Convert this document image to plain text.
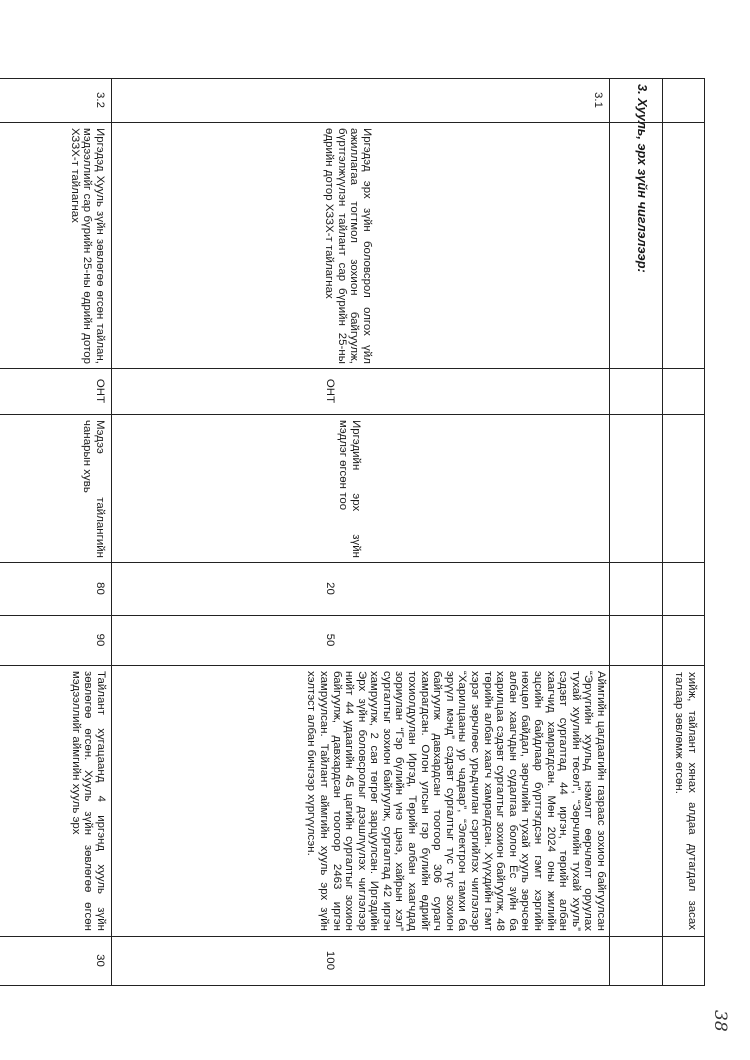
хийж, тайлант хянах алдаа дутагдал засах талаар зөвлөмж өгсөн.
3. Хууль, эрх зүйн чиглэлээр:
3.1
Иргэдэд эрх зүйн боловсрол олгох үйл ажиллагаа тогтмол зохион байгуулж, бүртгэлжүүлэн тайлант сар бүрийн 25-ны өдрийн дотор ХЗЗХ-т тайлагнах
ОНТ
Иргэдийн эрх зүйн мэдлэг өгсөн тоо
20
50
Аймгийн цагдаагийн газраас зохион байгуулсан “Эрүүгийн хуульд нэмэлт өөрчлөлт оруулах тухай хуулийн төсөл”, “Зөрчлийн тухай хууль” сэдэвт сургалтад 44 иргэн, төрийн албан хаагчид хамрагдсан. Мөн 2024 оны жилийн эцсийн байдлаар бүртгэгдсэн гэмт хэргийн нөхцөл байдал, зөрчлийн тухай хууль зөрчсөн албан хаагчдын судалгаа болон Ёс зүйн ба харилцаа сэдэвт сургалтыг зохион байгуулж, 48 төрийн албан хаагч хамрагдсан. Хүүхдийн гэмт хэрэг зөрчлөөс урьдчилан сэргийлэх чиглэлээр “Харилцааны ур чадвар”, “Электрон тамхи ба эрүүл мэнд” сэдэвт сургалтыг түс түс зохион байгуулж давхардсан тоогоор 306 сурагч хамрагдсан. Олон улсын гэр бүлийн өдрийг тохиолдуулан Иргэд, Төрийн албан хаагчдад зориулан “Гэр бүлийн үнэ цэнэ, хайрын хэл” сургалтыг зохион байгуулж, сургалтад 42 иргэн хамруулж, 2 сая төгрөг зарцуулсан. Иргэдийн Эрх зүйн боловсролыг дээшлүүлэх чиглэлээр нийт 44 удаагийн 45 цагийн сургалтыг зохион байгуулж, давхардсан тоогоор 2463 иргэн хамруулсан. Тайлант аймгийн хууль эрх зүйн хэлтэст албан бичгээр хүргүүлсэн.
100
3.2
Иргэдэд Хууль зүйн зөвлөгөө өгсөн тайлан, мэдээллийг сар бүрийн 25-ны өдрийн дотор ХЗЗХ-т тайлагнах
ОНТ
Мэдээ тайлангийн чанарын хувь
80
90
Тайлант хугацаанд 4 иргэнд хууль зүйн зөвлөгөө өгсөн. Хууль зүйн зөвлөгөө өгсөн мэдээллийг аймгийн хууль эрх
30
38
